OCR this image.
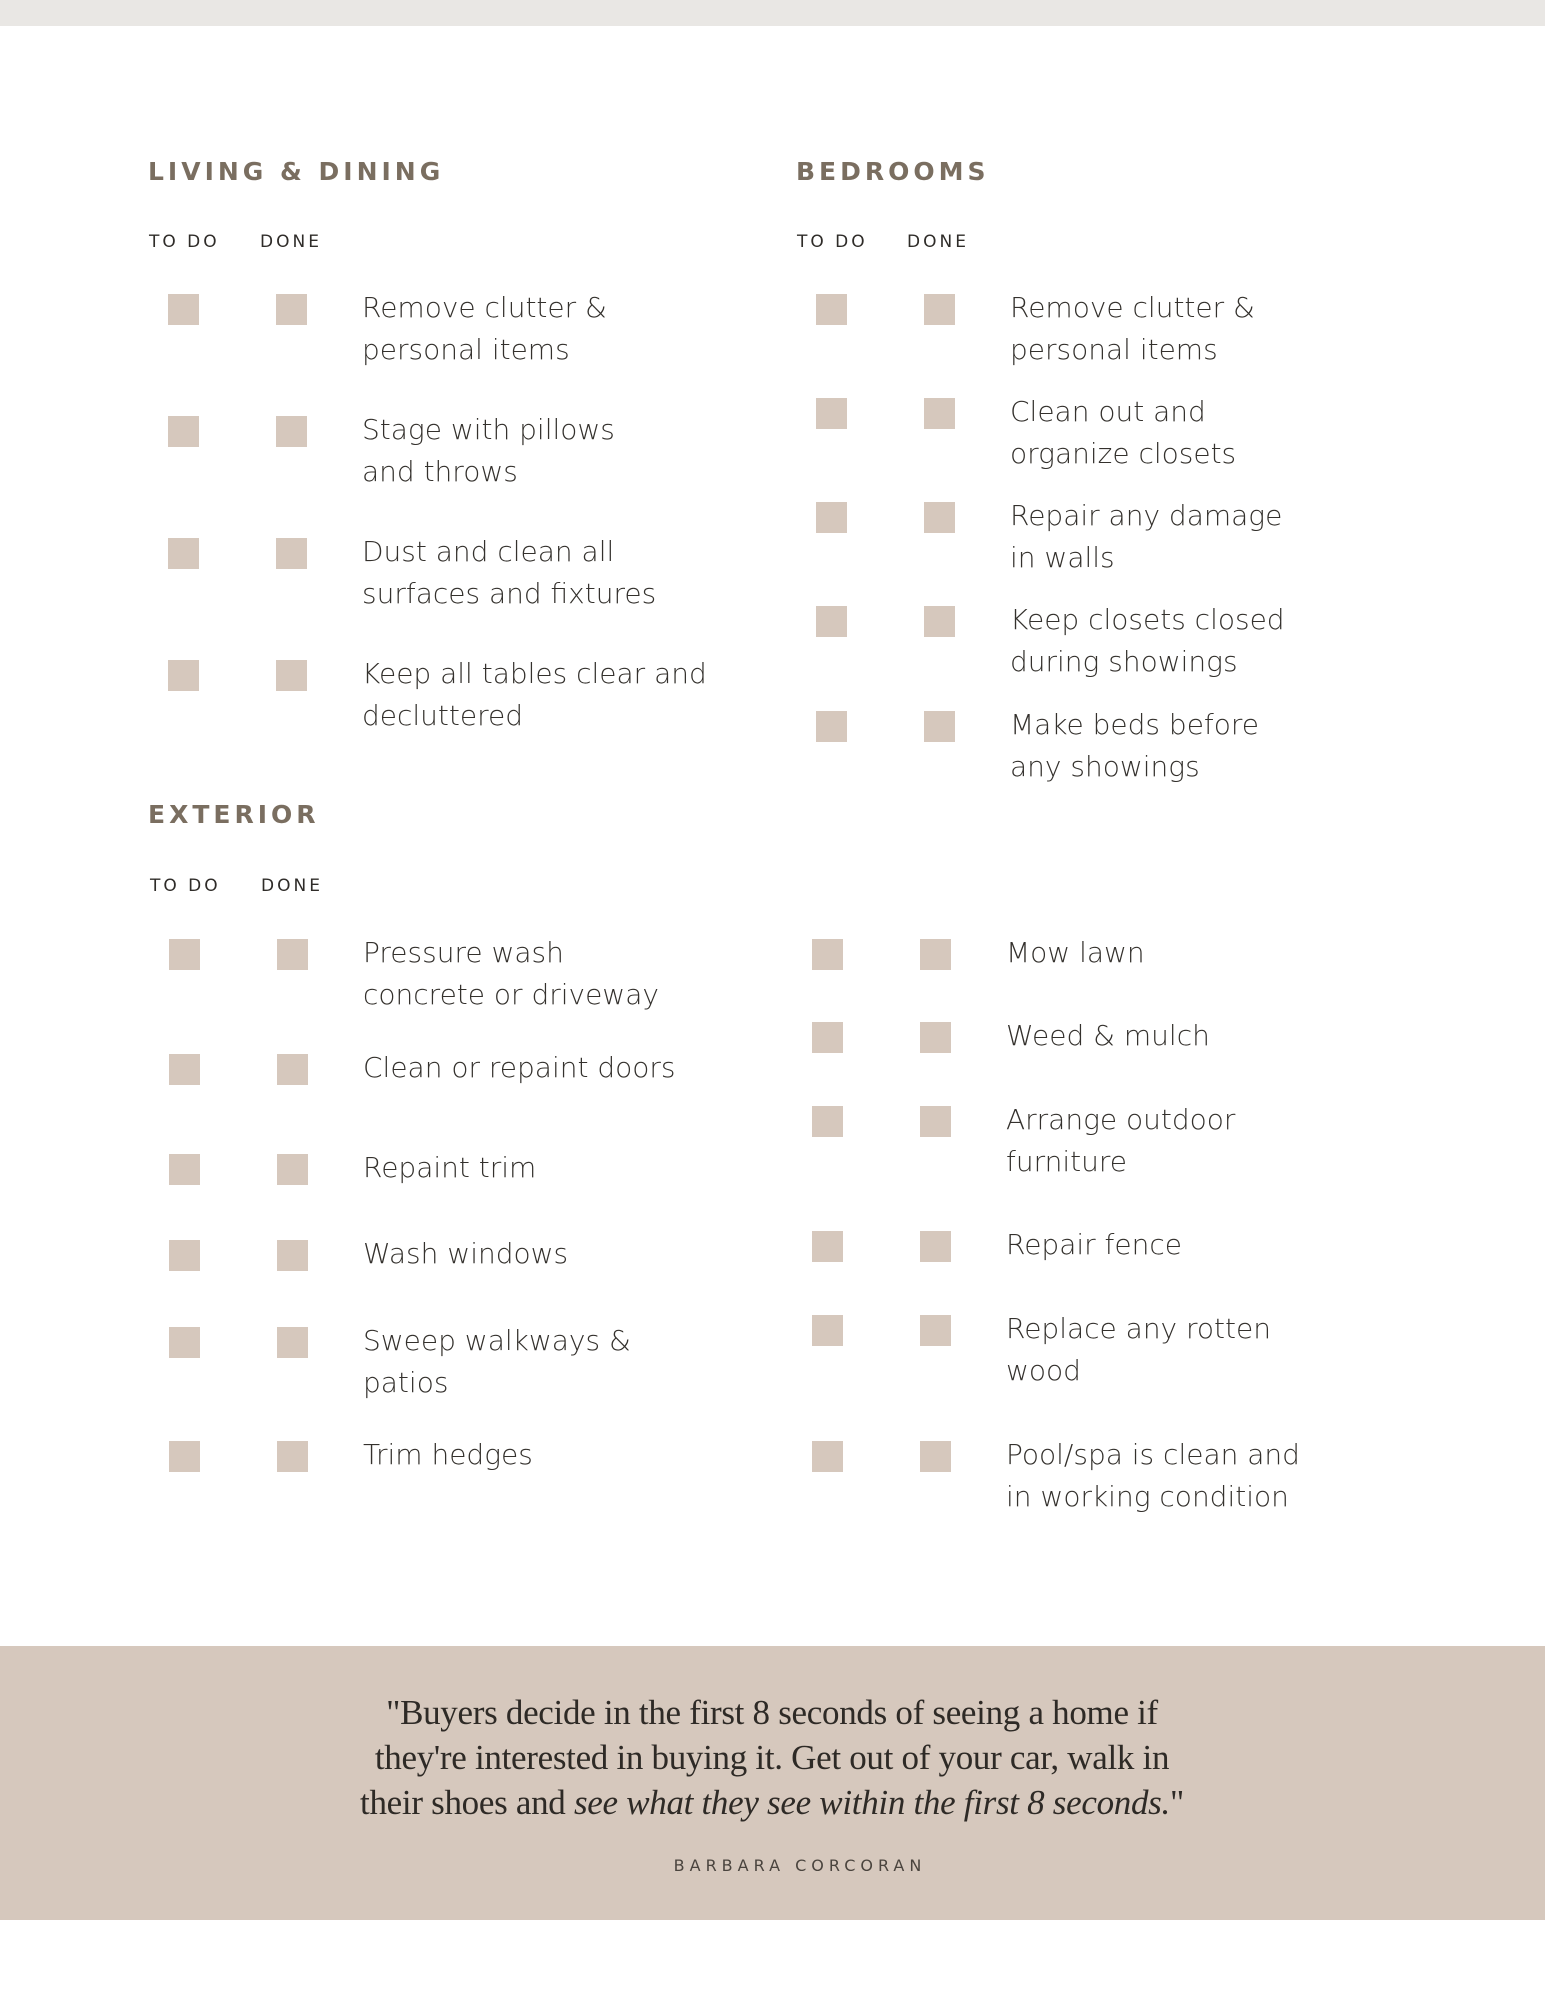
LIVING & DINING
TO DO DONE

Remove clutter &
personal items

Stage with pillows
and throws

Dust and clean all
surfaces and fixtures

Keep all tables clear and
decluttered

BEDROOMS
TO DO DONE

Remove clutter &
personal items

Clean out and
organize closets

Repair any damage
in walls

Keep closets closed
during showings

Make beds before
any showings

EXTERIOR
TO DO DONE

Pressure wash
concrete or driveway

Clean or repaint doors

Repaint trim

Wash windows

Sweep walkways &
patios

Trim hedges

Mow lawn

Weed & mulch

Arrange outdoor
furniture

Repair fence

Replace any rotten
wood

Pool/spa is clean and
in working condition

"Buyers decide in the first 8 seconds of seeing a home if
they're interested in buying it. Get out of your car, walk in
their shoes and see what they see within the first 8 seconds."

BARBARA CORCORAN
